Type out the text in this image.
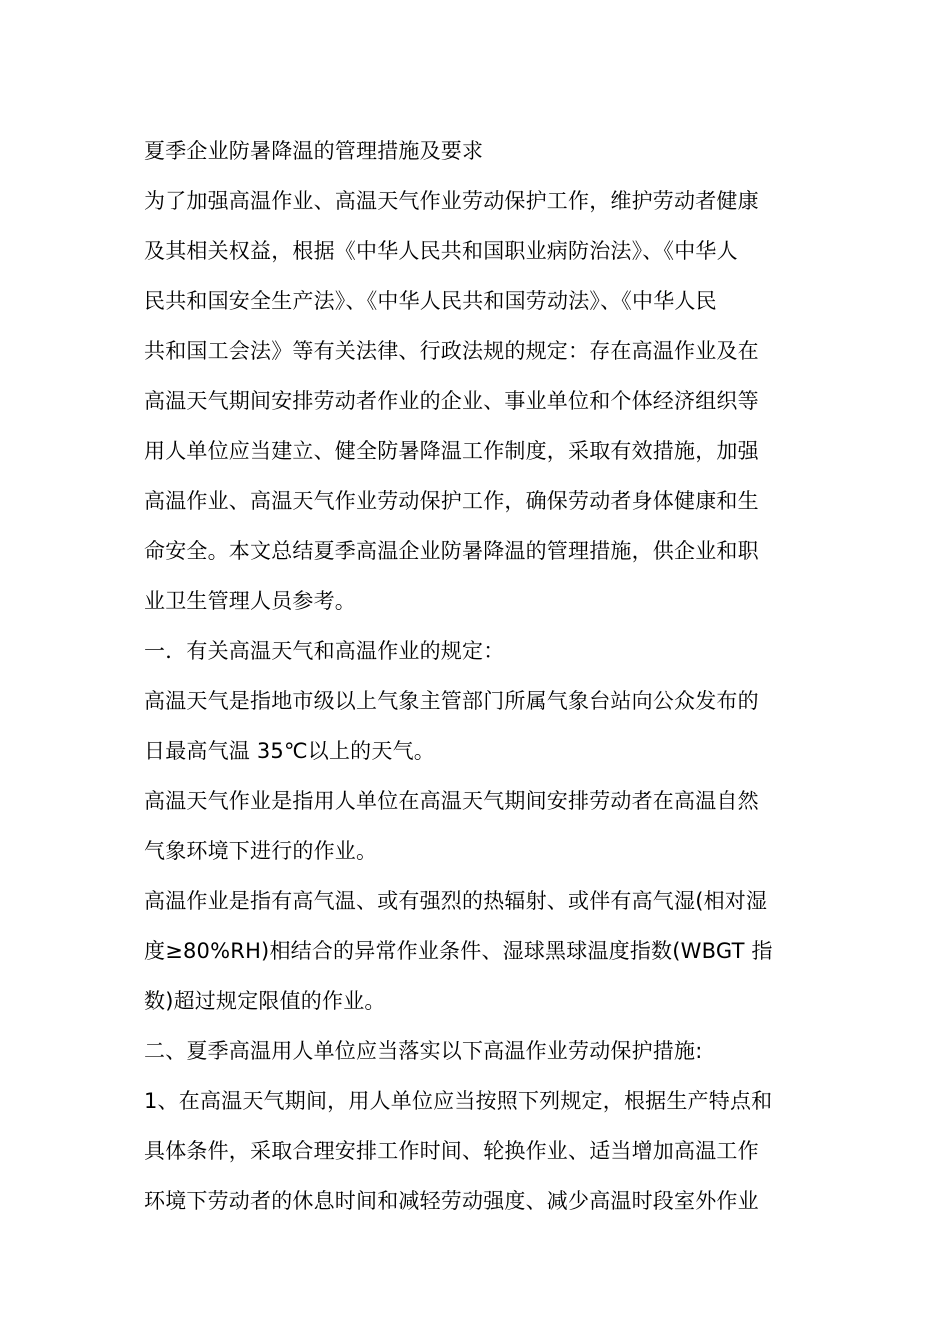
夏季企业防暑降温的管理措施及要求
为了加强高温作业、高温天气作业劳动保护工作，维护劳动者健康
及其相关权益，根据《中华人民共和国职业病防治法》、《中华人
民共和国安全生产法》、《中华人民共和国劳动法》、《中华人民
共和国工会法》等有关法律、行政法规的规定：存在高温作业及在
高温天气期间安排劳动者作业的企业、事业单位和个体经济组织等
用人单位应当建立、健全防暑降温工作制度，采取有效措施，加强
高温作业、高温天气作业劳动保护工作，确保劳动者身体健康和生
命安全。本文总结夏季高温企业防暑降温的管理措施，供企业和职
业卫生管理人员参考。
一．有关高温天气和高温作业的规定：
高温天气是指地市级以上气象主管部门所属气象台站向公众发布的
日最高气温 35℃以上的天气。
高温天气作业是指用人单位在高温天气期间安排劳动者在高温自然
气象环境下进行的作业。
高温作业是指有高气温、或有强烈的热辐射、或伴有高气湿(相对湿
度≥80%RH)相结合的异常作业条件、湿球黑球温度指数(WBGT 指
数)超过规定限值的作业。
二、夏季高温用人单位应当落实以下高温作业劳动保护措施:
1、在高温天气期间，用人单位应当按照下列规定，根据生产特点和
具体条件，采取合理安排工作时间、轮换作业、适当增加高温工作
环境下劳动者的休息时间和减轻劳动强度、减少高温时段室外作业
